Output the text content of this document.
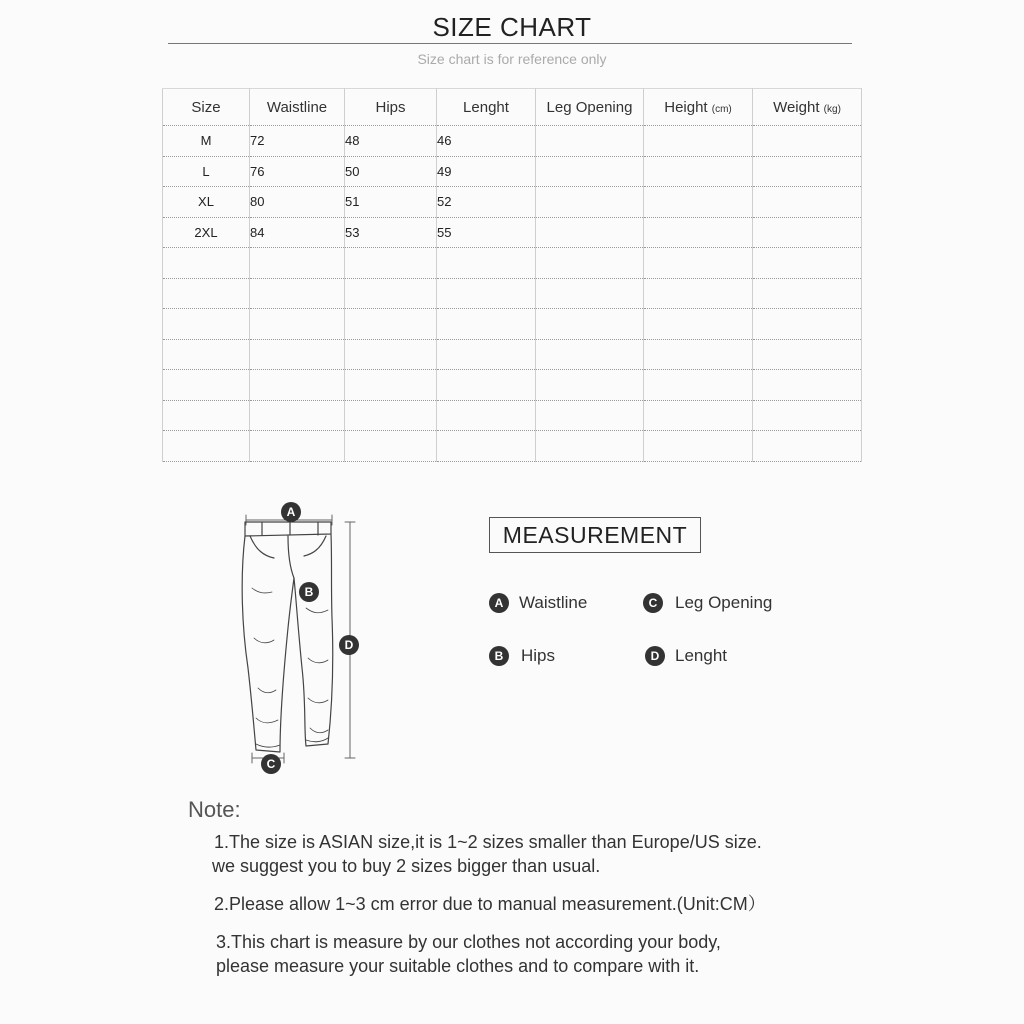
SIZE CHART
Size chart is for reference only
Size	Waistline	Hips	Lenght	Leg Opening	Height (cm)	Weight (kg)
M	72	48	46			
L	76	50	49			
XL	80	51	52			
2XL	84	53	55			

A
B
C
D
MEASUREMENT
A Waistline
B	Hips
C	Leg Opening
D Lenght
Note:
1.The size is ASIAN size,it is 1~2 sizes smaller than Europe/US size.
we suggest you to buy 2 sizes bigger than usual.
2.Please allow 1~3 cm error due to manual measurement.(Unit:CM）
3.This chart is measure by our clothes not according your body,
please measure your suitable clothes and to compare with it.
